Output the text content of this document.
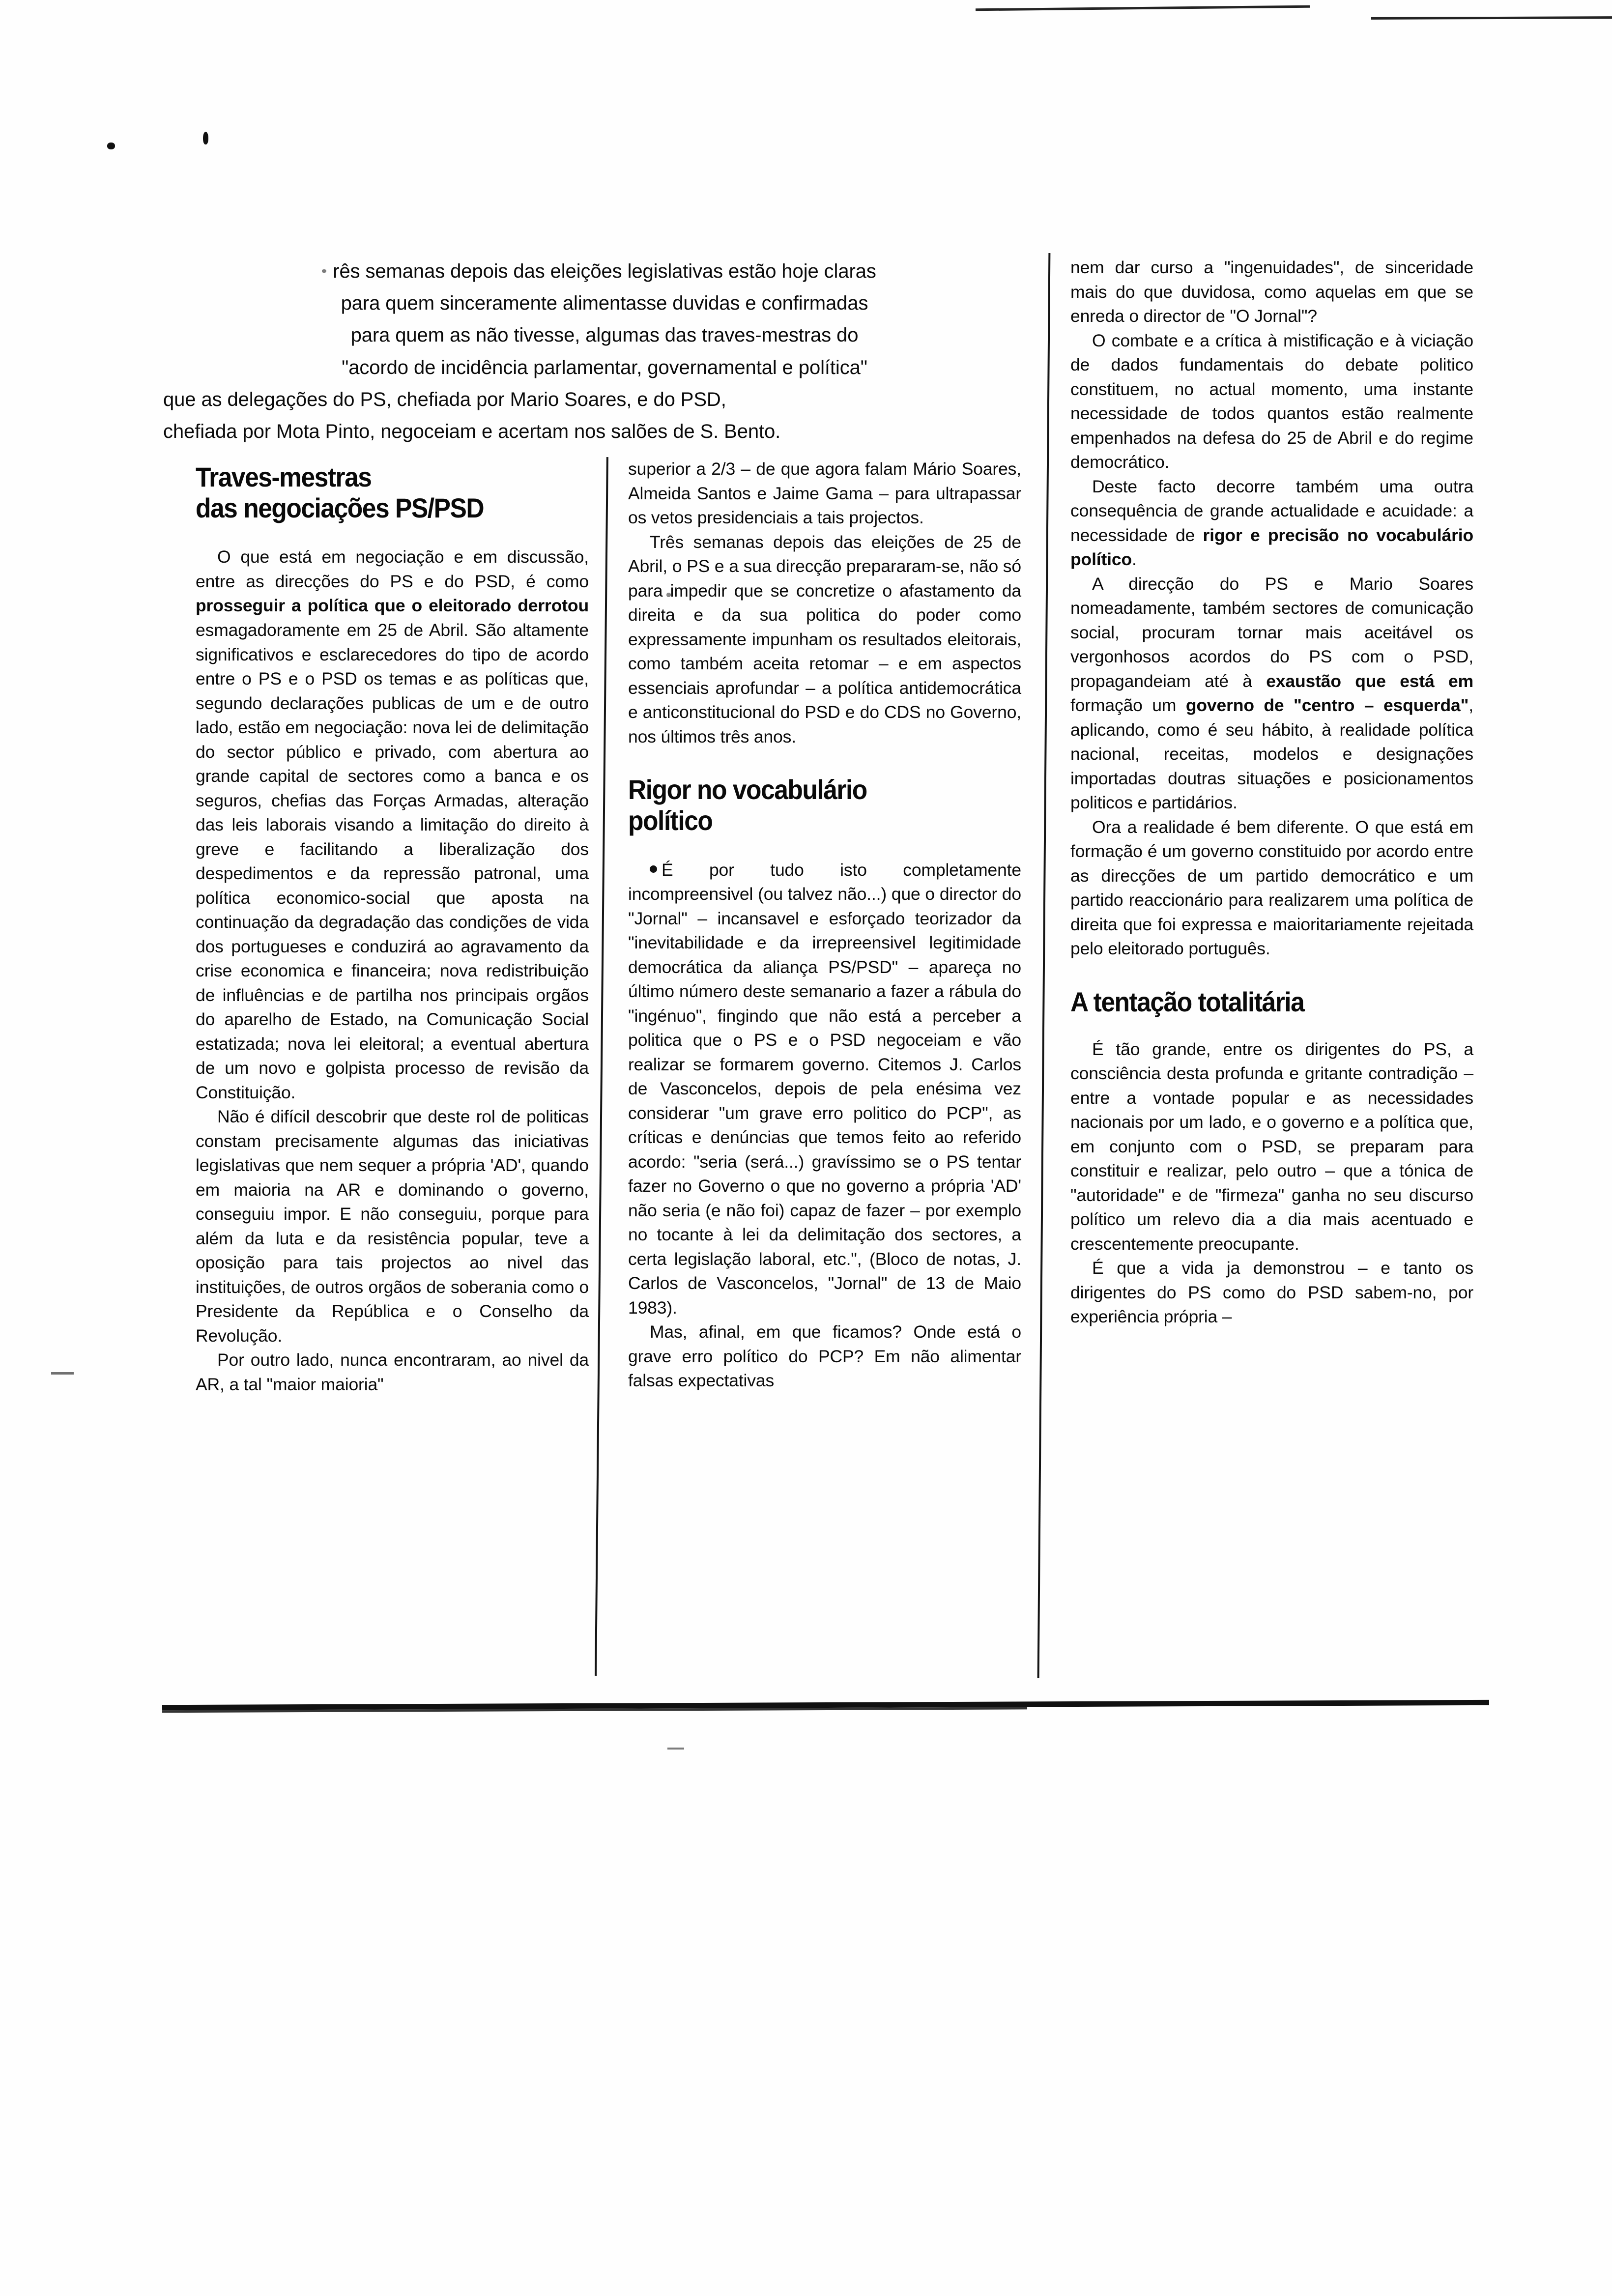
rês semanas depois das eleições legislativas estão hoje claras
para quem sinceramente alimentasse duvidas e confirmadas
para quem as não tivesse, algumas das traves-mestras do
"acordo de incidência parlamentar, governamental e política"
que as delegações do PS, chefiada por Mario Soares, e do PSD,
chefiada por Mota Pinto, negoceiam e acertam nos salões de S. Bento.
Traves-mestras
das negociações PS/PSD

O que está em negociação e em discussão, entre as direcções do PS e do PSD, é como prosseguir a política que o eleitorado derrotou esmagadoramente em 25 de Abril. São altamente significativos e esclarecedores do tipo de acordo entre o PS e o PSD os temas e as políticas que, segundo declarações publicas de um e de outro lado, estão em negociação: nova lei de delimitação do sector público e privado, com abertura ao grande capital de sectores como a banca e os seguros, chefias das Forças Armadas, alteração das leis laborais visando a limitação do direito à greve e facilitando a liberalização dos despedimentos e da repressão patronal, uma política economico-social que aposta na continuação da degradação das condições de vida dos portugueses e conduzirá ao agravamento da crise economica e financeira; nova redistribuição de influências e de partilha nos principais orgãos do aparelho de Estado, na Comunicação Social estatizada; nova lei eleitoral; a eventual abertura de um novo e golpista processo de revisão da Constituição.

Não é difícil descobrir que deste rol de politicas constam precisamente algumas das iniciativas legislativas que nem sequer a própria 'AD', quando em maioria na AR e dominando o governo, conseguiu impor. E não conseguiu, porque para além da luta e da resistência popular, teve a oposição para tais projectos ao nivel das instituições, de outros orgãos de soberania como o Presidente da República e o Conselho da Revolução.

Por outro lado, nunca encontraram, ao nivel da AR, a tal "maior maioria"

superior a 2/3 – de que agora falam Mário Soares, Almeida Santos e Jaime Gama – para ultrapassar os vetos presidenciais a tais projectos.

Três semanas depois das eleições de 25 de Abril, o PS e a sua direcção prepararam-se, não só para impedir que se concretize o afastamento da direita e da sua politica do poder como expressamente impunham os resultados eleitorais, como também aceita retomar – e em aspectos essenciais aprofundar – a política antidemocrática e anticonstitucional do PSD e do CDS no Governo, nos últimos três anos.

Rigor no vocabulário
político

É por tudo isto completamente incompreensivel (ou talvez não...) que o director do "Jornal" – incansavel e esforçado teorizador da "inevitabilidade e da irrepreensivel legitimidade democrática da aliança PS/PSD" – apareça no último número deste semanario a fazer a rábula do "ingénuo", fingindo que não está a perceber a politica que o PS e o PSD negoceiam e vão realizar se formarem governo. Citemos J. Carlos de Vasconcelos, depois de pela enésima vez considerar "um grave erro politico do PCP", as críticas e denúncias que temos feito ao referido acordo: "seria (será...) gravíssimo se o PS tentar fazer no Governo o que no governo a própria 'AD' não seria (e não foi) capaz de fazer – por exemplo no tocante à lei da delimitação dos sectores, a certa legislação laboral, etc.", (Bloco de notas, J. Carlos de Vasconcelos, "Jornal" de 13 de Maio 1983).

Mas, afinal, em que ficamos? Onde está o grave erro político do PCP? Em não alimentar falsas expectativas

nem dar curso a "ingenuidades", de sinceridade mais do que duvidosa, como aquelas em que se enreda o director de "O Jornal"?

O combate e a crítica à mistificação e à viciação de dados fundamentais do debate politico constituem, no actual momento, uma instante necessidade de todos quantos estão realmente empenhados na defesa do 25 de Abril e do regime democrático.

Deste facto decorre também uma outra consequência de grande actualidade e acuidade: a necessidade de rigor e precisão no vocabulário político.

A direcção do PS e Mario Soares nomeadamente, também sectores de comunicação social, procuram tornar mais aceitável os vergonhosos acordos do PS com o PSD, propagandeiam até à exaustão que está em formação um governo de "centro – esquerda", aplicando, como é seu hábito, à realidade política nacional, receitas, modelos e designações importadas doutras situações e posicionamentos politicos e partidários.

Ora a realidade é bem diferente. O que está em formação é um governo constituido por acordo entre as direcções de um partido democrático e um partido reaccionário para realizarem uma política de direita que foi expressa e maioritariamente rejeitada pelo eleitorado português.

A tentação totalitária

É tão grande, entre os dirigentes do PS, a consciência desta profunda e gritante contradição – entre a vontade popular e as necessidades nacionais por um lado, e o governo e a política que, em conjunto com o PSD, se preparam para constituir e realizar, pelo outro – que a tónica de "autoridade" e de "firmeza" ganha no seu discurso político um relevo dia a dia mais acentuado e crescentemente preocupante.

É que a vida ja demonstrou – e tanto os dirigentes do PS como do PSD sabem-no, por experiência própria –
